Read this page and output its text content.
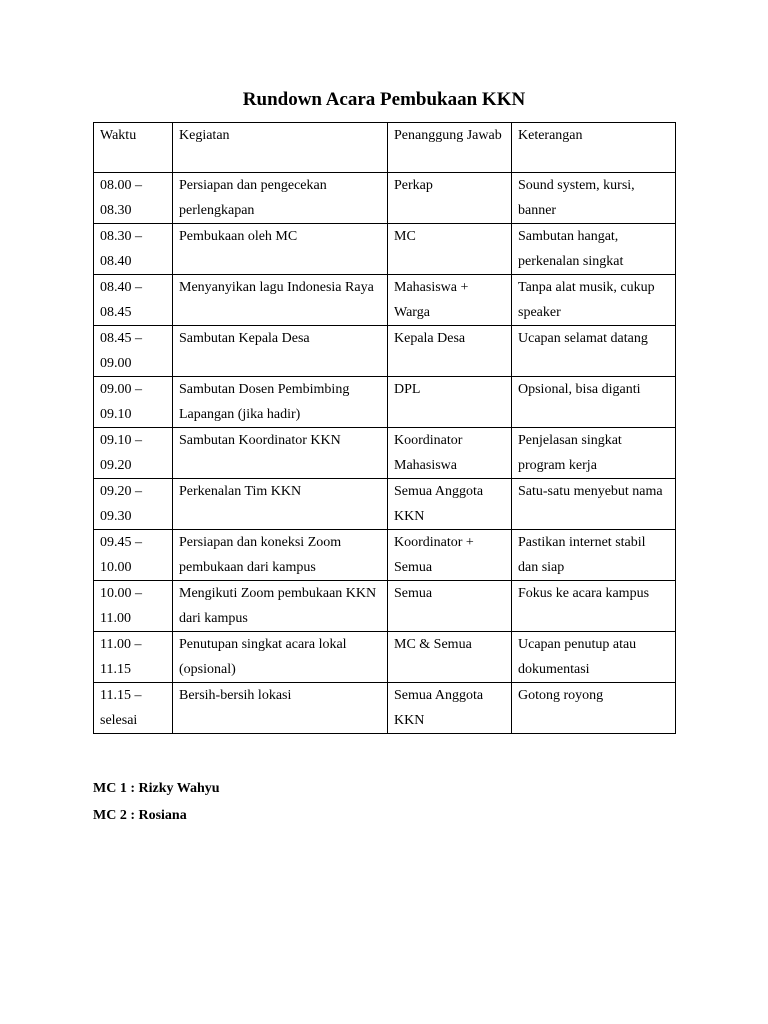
Rundown Acara Pembukaan KKN
Waktu	Kegiatan	Penanggung Jawab	Keterangan
08.00 – 08.30	Persiapan dan pengecekan perlengkapan	Perkap	Sound system, kursi, banner
08.30 – 08.40	Pembukaan oleh MC	MC	Sambutan hangat, perkenalan singkat
08.40 – 08.45	Menyanyikan lagu Indonesia Raya	Mahasiswa + Warga	Tanpa alat musik, cukup speaker
08.45 – 09.00	Sambutan Kepala Desa	Kepala Desa	Ucapan selamat datang
09.00 – 09.10	Sambutan Dosen Pembimbing Lapangan (jika hadir)	DPL	Opsional, bisa diganti
09.10 – 09.20	Sambutan Koordinator KKN	Koordinator Mahasiswa	Penjelasan singkat program kerja
09.20 – 09.30	Perkenalan Tim KKN	Semua Anggota KKN	Satu-satu menyebut nama
09.45 – 10.00	Persiapan dan koneksi Zoom pembukaan dari kampus	Koordinator + Semua	Pastikan internet stabil dan siap
10.00 – 11.00	Mengikuti Zoom pembukaan KKN dari kampus	Semua	Fokus ke acara kampus
11.00 – 11.15	Penutupan singkat acara lokal (opsional)	MC & Semua	Ucapan penutup atau dokumentasi
11.15 – selesai	Bersih-bersih lokasi	Semua Anggota KKN	Gotong royong
MC 1 : Rizky Wahyu
MC 2 : Rosiana
